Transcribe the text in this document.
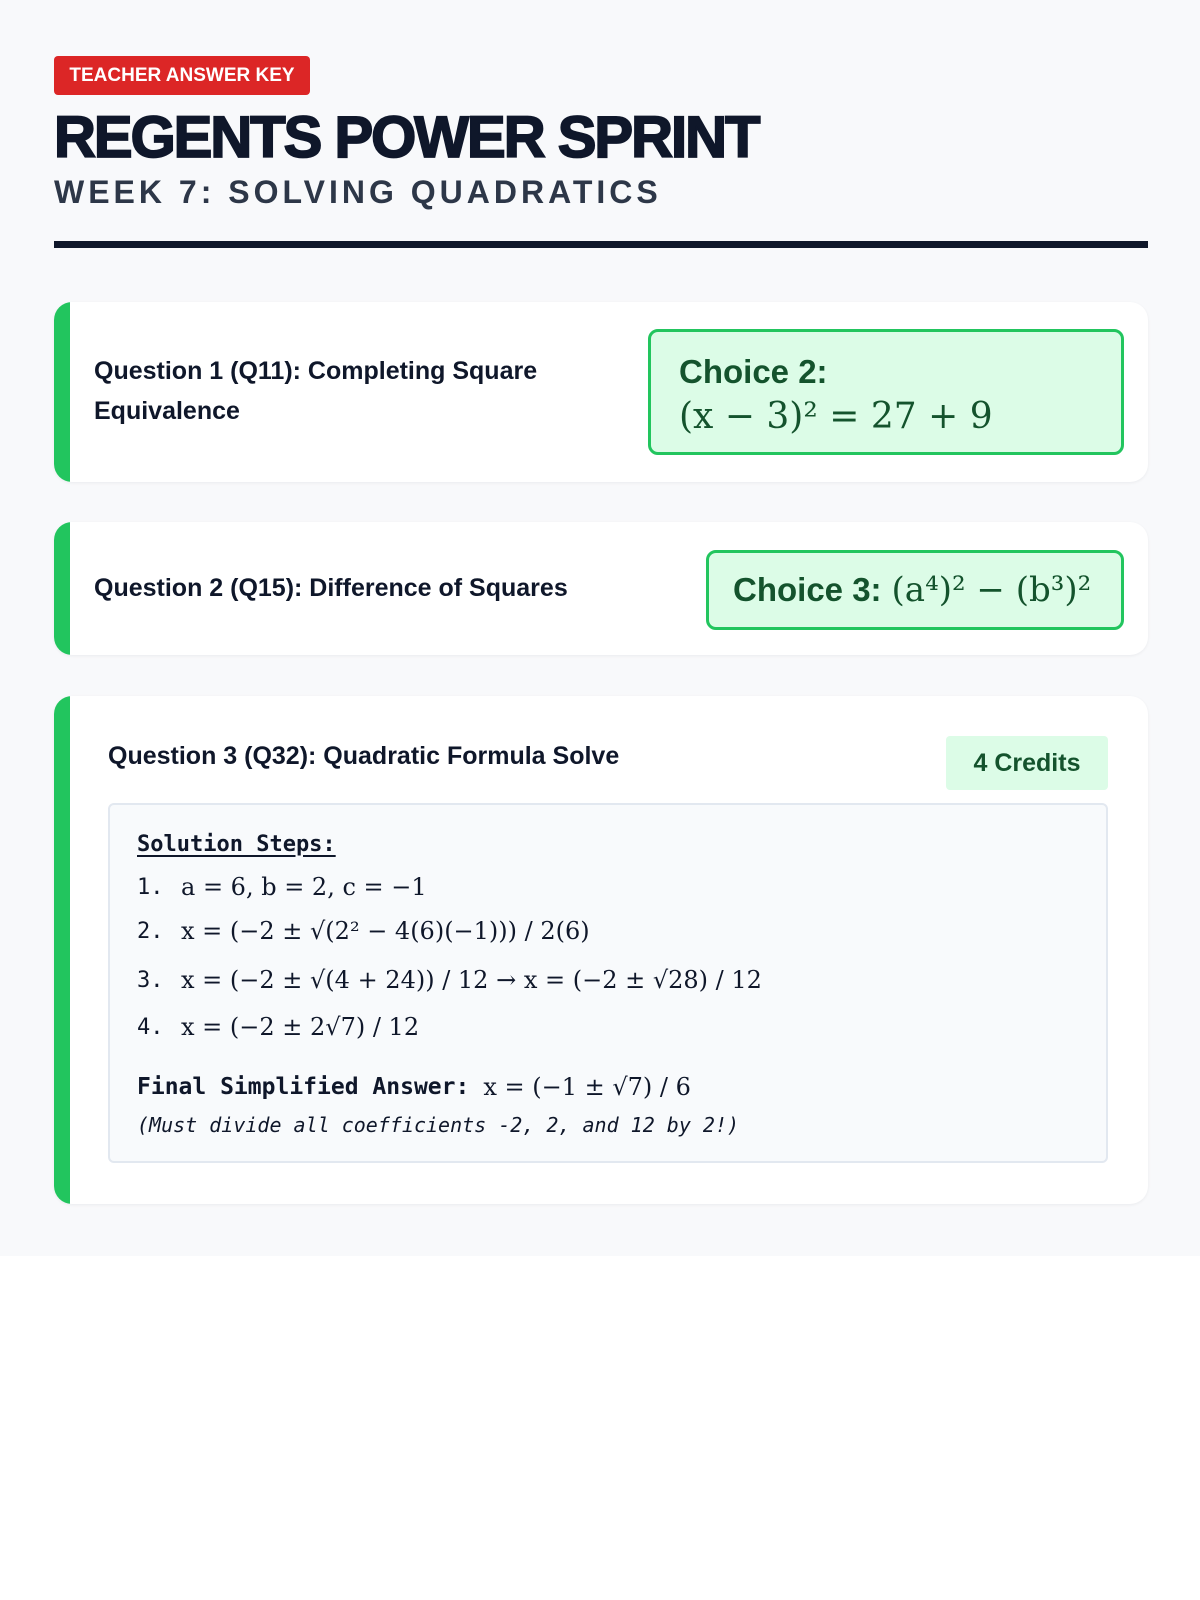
TEACHER ANSWER KEY
REGENTS POWER SPRINT
WEEK 7: SOLVING QUADRATICS
Question 1 (Q11): Completing Square Equivalence
Choice 2:
(x − 3)² = 27 + 9
Question 2 (Q15): Difference of Squares	Choice 3: (a⁴)² − (b³)²
Question 3 (Q32): Quadratic Formula Solve	4 Credits
Solution Steps:
1. a = 6, b = 2, c = −1
2. x = (−2 ± √(2² − 4(6)(−1))) / 2(6)
3. x = (−2 ± √(4 + 24)) / 12 → x = (−2 ± √28) / 12
4. x = (−2 ± 2√7) / 12
Final Simplified Answer: x = (−1 ± √7) / 6
(Must divide all coefficients -2, 2, and 12 by 2!)
